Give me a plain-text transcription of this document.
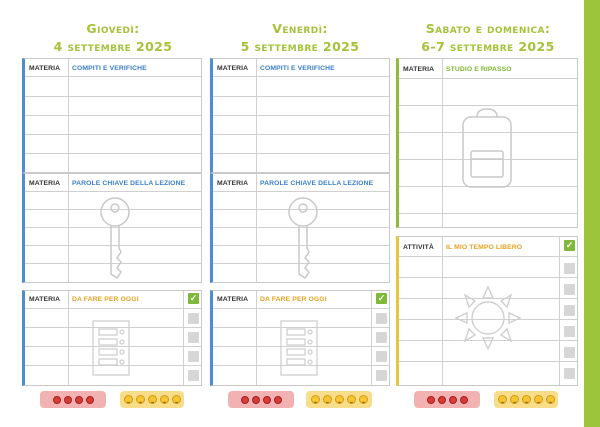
Giovedì:
4 settembre 2025
Venerdì:
5 settembre 2025
Sabato e domenica:
6-7 settembre 2025
MATERIA COMPITI E VERIFICHE
MATERIA PAROLE CHIAVE DELLA LEZIONE
MATERIA DA FARE PER OGGI	✓
MATERIA COMPITI E VERIFICHE
MATERIA PAROLE CHIAVE DELLA LEZIONE
MATERIA DA FARE PER OGGI	✓
MATERIA STUDIO E RIPASSO
ATTIVITÀ IL MIO TEMPO LIBERO	✓
